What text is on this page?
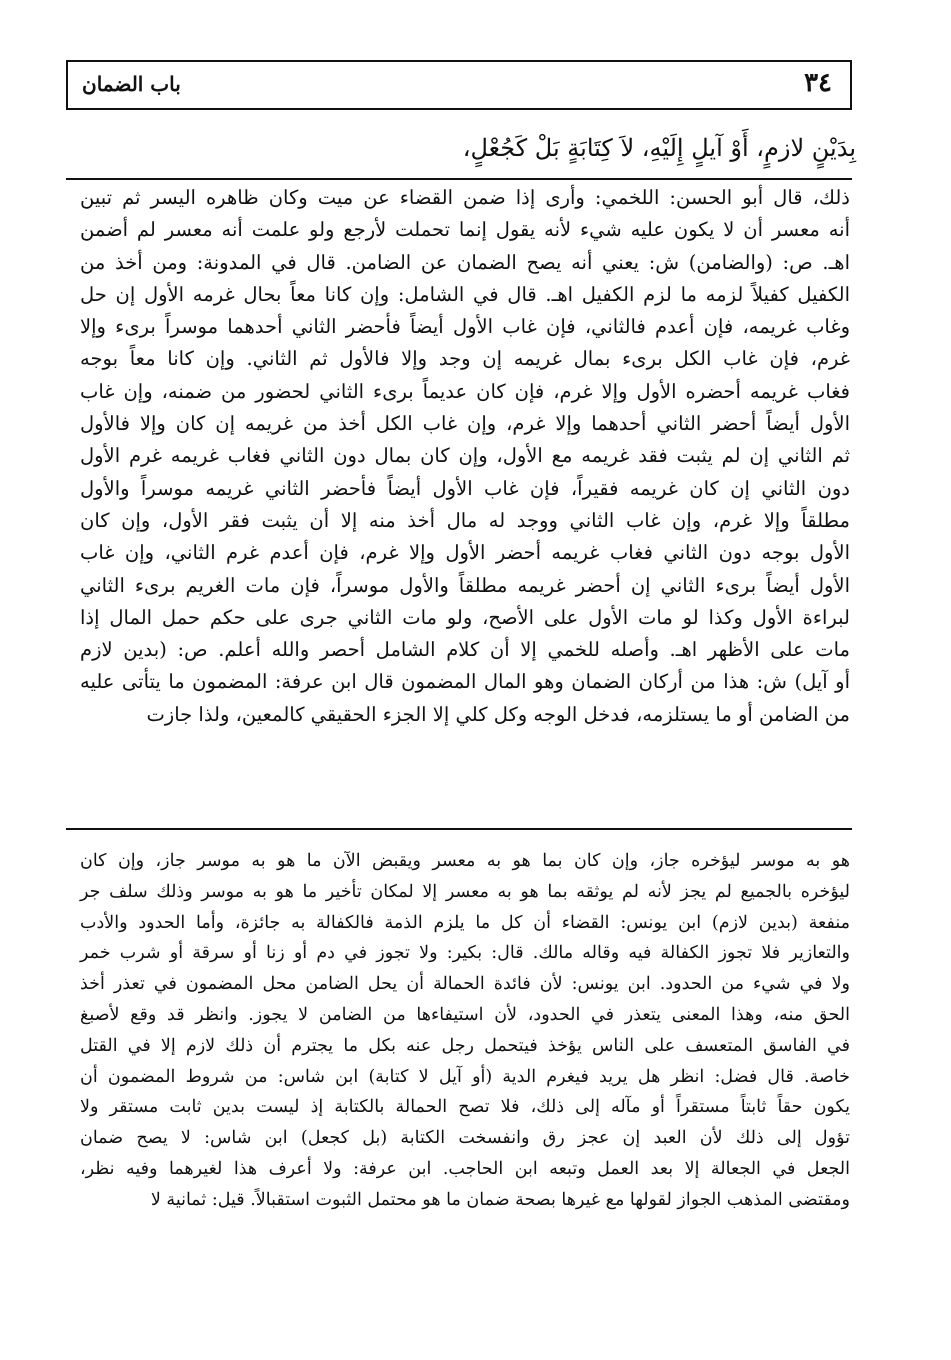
٣٤
باب الضمان
بِدَيْنٍ لازمٍ، أَوْ آيلٍ إِلَيْهِ، لاَ كِتَابَةٍ بَلْ كَجُعْلٍ،

ذلك، قال أبو الحسن: اللخمي: وأرى إذا ضمن القضاء عن ميت وكان ظاهره اليسر ثم تبين

أنه معسر أن لا يكون عليه شيء لأنه يقول إنما تحملت لأرجع ولو علمت أنه معسر لم أضمن

اهـ. ص: (والضامن) ش: يعني أنه يصح الضمان عن الضامن. قال في المدونة: ومن أخذ من

الكفيل كفيلاً لزمه ما لزم الكفيل اهـ. قال في الشامل: وإن كانا معاً بحال غرمه الأول إن حل

وغاب غريمه، فإن أعدم فالثاني، فإن غاب الأول أيضاً فأحضر الثاني أحدهما موسراً برىء وإلا

غرم، فإن غاب الكل برىء بمال غريمه إن وجد وإلا فالأول ثم الثاني. وإن كانا معاً بوجه

فغاب غريمه أحضره الأول وإلا غرم، فإن كان عديماً برىء الثاني لحضور من ضمنه، وإن غاب

الأول أيضاً أحضر الثاني أحدهما وإلا غرم، وإن غاب الكل أخذ من غريمه إن كان وإلا فالأول

ثم الثاني إن لم يثبت فقد غريمه مع الأول، وإن كان بمال دون الثاني فغاب غريمه غرم الأول

دون الثاني إن كان غريمه فقيراً، فإن غاب الأول أيضاً فأحضر الثاني غريمه موسراً والأول

مطلقاً وإلا غرم، وإن غاب الثاني ووجد له مال أخذ منه إلا أن يثبت فقر الأول، وإن كان

الأول بوجه دون الثاني فغاب غريمه أحضر الأول وإلا غرم، فإن أعدم غرم الثاني، وإن غاب

الأول أيضاً برىء الثاني إن أحضر غريمه مطلقاً والأول موسراً، فإن مات الغريم برىء الثاني

لبراءة الأول وكذا لو مات الأول على الأصح، ولو مات الثاني جرى على حكم حمل المال إذا

مات على الأظهر اهـ. وأصله للخمي إلا أن كلام الشامل أحصر والله أعلم. ص: (بدين لازم

أو آيل) ش: هذا من أركان الضمان وهو المال المضمون قال ابن عرفة: المضمون ما يتأتى عليه

من الضامن أو ما يستلزمه، فدخل الوجه وكل كلي إلا الجزء الحقيقي كالمعين، ولذا جازت

هو به موسر ليؤخره جاز، وإن كان بما هو به معسر ويقبض الآن ما هو به موسر جاز، وإن كان

ليؤخره بالجميع لم يجز لأنه لم يوثقه بما هو به معسر إلا لمكان تأخير ما هو به موسر وذلك سلف جر

منفعة (بدين لازم) ابن يونس: القضاء أن كل ما يلزم الذمة فالكفالة به جائزة، وأما الحدود والأدب

والتعازير فلا تجوز الكفالة فيه وقاله مالك. قال: بكير: ولا تجوز في دم أو زنا أو سرقة أو شرب خمر

ولا في شيء من الحدود. ابن يونس: لأن فائدة الحمالة أن يحل الضامن محل المضمون في تعذر أخذ

الحق منه، وهذا المعنى يتعذر في الحدود، لأن استيفاءها من الضامن لا يجوز. وانظر قد وقع لأصبغ

في الفاسق المتعسف على الناس يؤخذ فيتحمل رجل عنه بكل ما يجترم أن ذلك لازم إلا في القتل

خاصة. قال فضل: انظر هل يريد فيغرم الدية (أو آيل لا كتابة) ابن شاس: من شروط المضمون أن

يكون حقاً ثابتاً مستقراً أو مآله إلى ذلك، فلا تصح الحمالة بالكتابة إذ ليست بدين ثابت مستقر ولا

تؤول إلى ذلك لأن العبد إن عجز رق وانفسخت الكتابة (بل كجعل) ابن شاس: لا يصح ضمان

الجعل في الجعالة إلا بعد العمل وتبعه ابن الحاجب. ابن عرفة: ولا أعرف هذا لغيرهما وفيه نظر،

ومقتضى المذهب الجواز لقولها مع غيرها بصحة ضمان ما هو محتمل الثبوت استقبالاً. قيل: ثمانية لا
